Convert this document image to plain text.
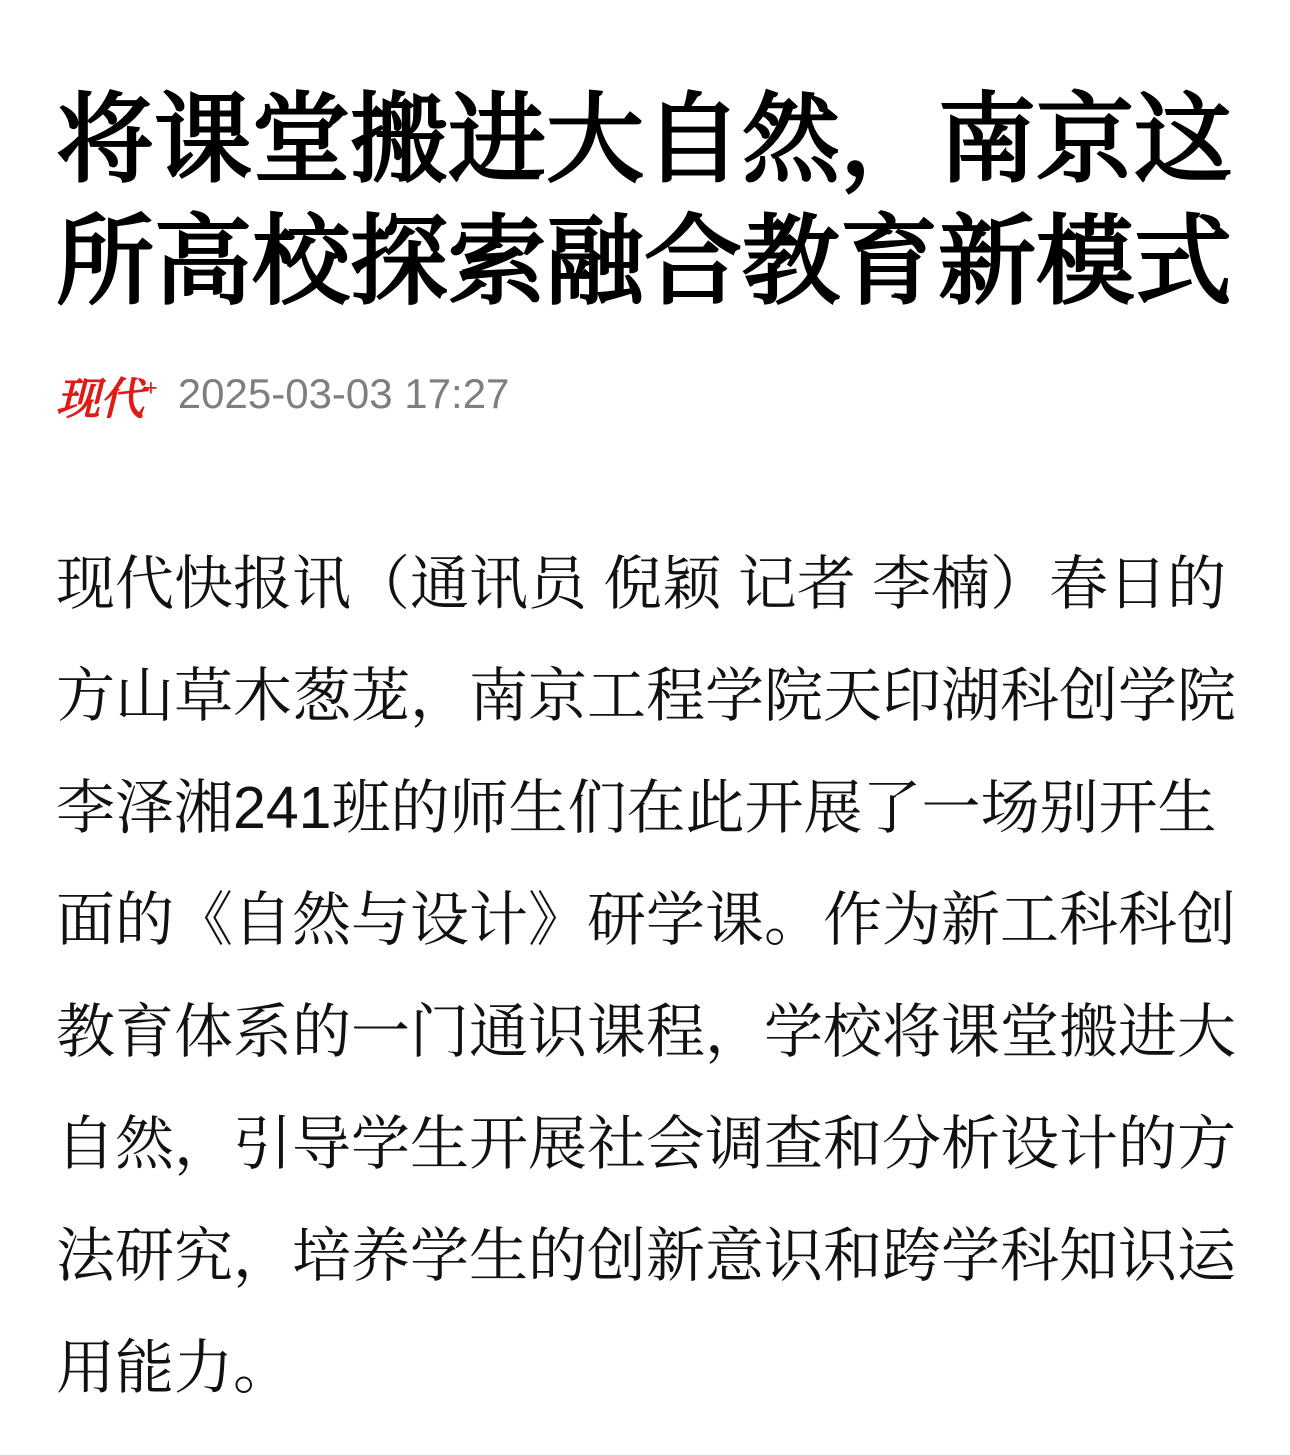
将课堂搬进大自然，南京这
所高校探索融合教育新模式
现代+ 2025-03-03 17:27
现代快报讯（通讯员 倪颖 记者 李楠）春日的
方山草木葱茏，南京工程学院天印湖科创学院
李泽湘241班的师生们在此开展了一场别开生
面的《自然与设计》研学课。作为新工科科创
教育体系的一门通识课程，学校将课堂搬进大
自然，引导学生开展社会调查和分析设计的方
法研究，培养学生的创新意识和跨学科知识运
用能力。
